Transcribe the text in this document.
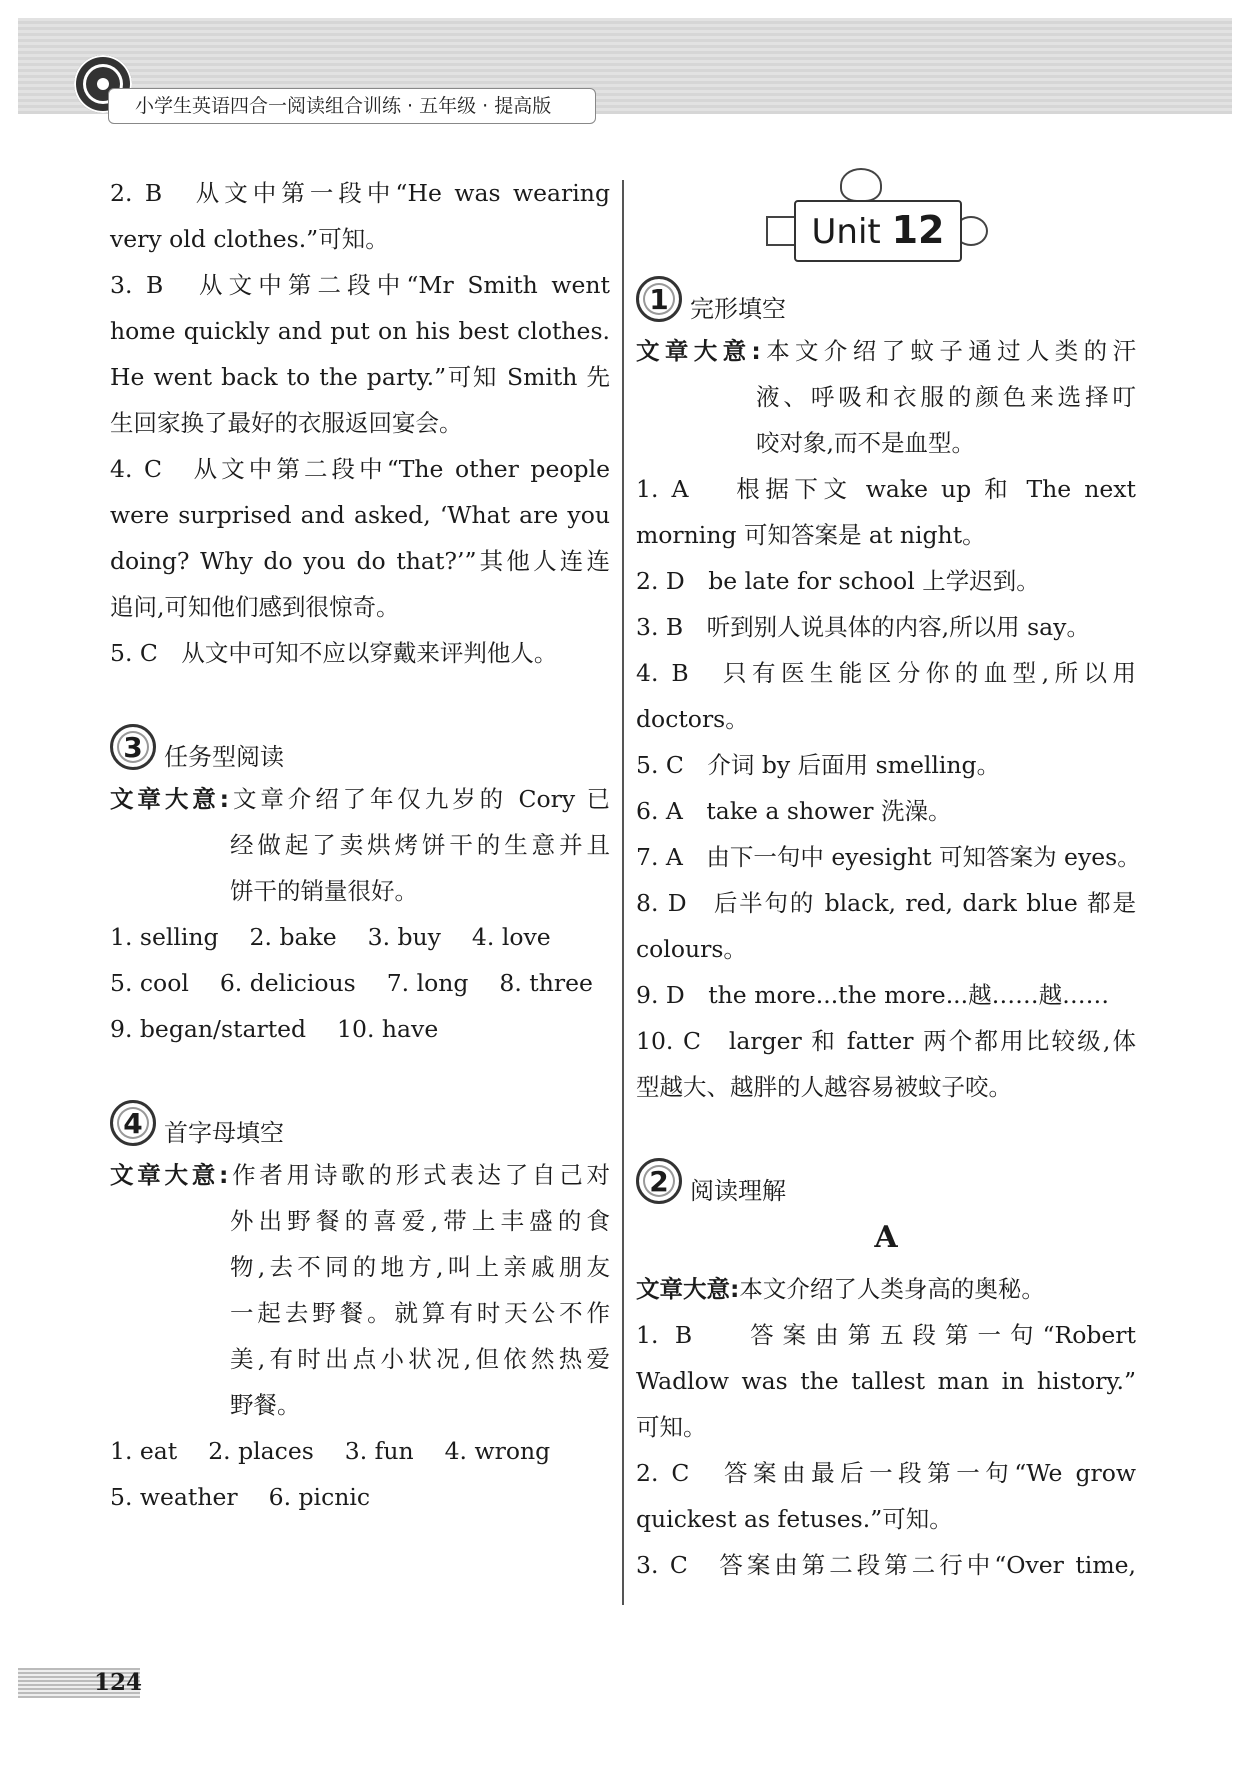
小学生英语四合一阅读组合训练 · 五年级 · 提高版
2. B　从文中第一段中“He was wearing
very old clothes.”可知。
3. B　从文中第二段中“Mr Smith went
home quickly and put on his best clothes.
He went back to the party.”可知 Smith 先
生回家换了最好的衣服返回宴会。
4. C　从文中第二段中“The other people
were surprised and asked, ‘What are you
doing? Why do you do that?’”其他人连连
追问,可知他们感到很惊奇。
5. C　从文中可知不应以穿戴来评判他人。
3 任务型阅读
文章大意:文章介绍了年仅九岁的 Cory 已
经做起了卖烘烤饼干的生意并且
饼干的销量很好。
1. selling　 2. bake　 3. buy　 4. love
5. cool　 6. delicious　 7. long　 8. three
9. began/started　 10. have
4 首字母填空
文章大意:作者用诗歌的形式表达了自己对
外出野餐的喜爱,带上丰盛的食
物,去不同的地方,叫上亲戚朋友
一起去野餐。就算有时天公不作
美,有时出点小状况,但依然热爱
野餐。
1. eat　 2. places　 3. fun　 4. wrong
5. weather　 6. picnic
Unit 12
1 完形填空
文章大意:本文介绍了蚊子通过人类的汗
液、呼吸和衣服的颜色来选择叮
咬对象,而不是血型。
1. A　 根据下文 wake up 和 The next
morning 可知答案是 at night。
2. D　be late for school 上学迟到。
3. B　听到别人说具体的内容,所以用 say。
4. B　只有医生能区分你的血型,所以用
doctors。
5. C　介词 by 后面用 smelling。
6. A　take a shower 洗澡。
7. A　由下一句中 eyesight 可知答案为 eyes。
8. D　后半句的 black, red, dark blue 都是
colours。
9. D　the more...the more...越……越……
10. C　larger 和 fatter 两个都用比较级,体
型越大、越胖的人越容易被蚊子咬。
2 阅读理解
A
文章大意:本文介绍了人类身高的奥秘。
1. B　 答案由第五段第一句“Robert
Wadlow was the tallest man in history.”
可知。
2. C　答案由最后一段第一句“We grow
quickest as fetuses.”可知。
3. C　答案由第二段第二行中“Over time,
124
